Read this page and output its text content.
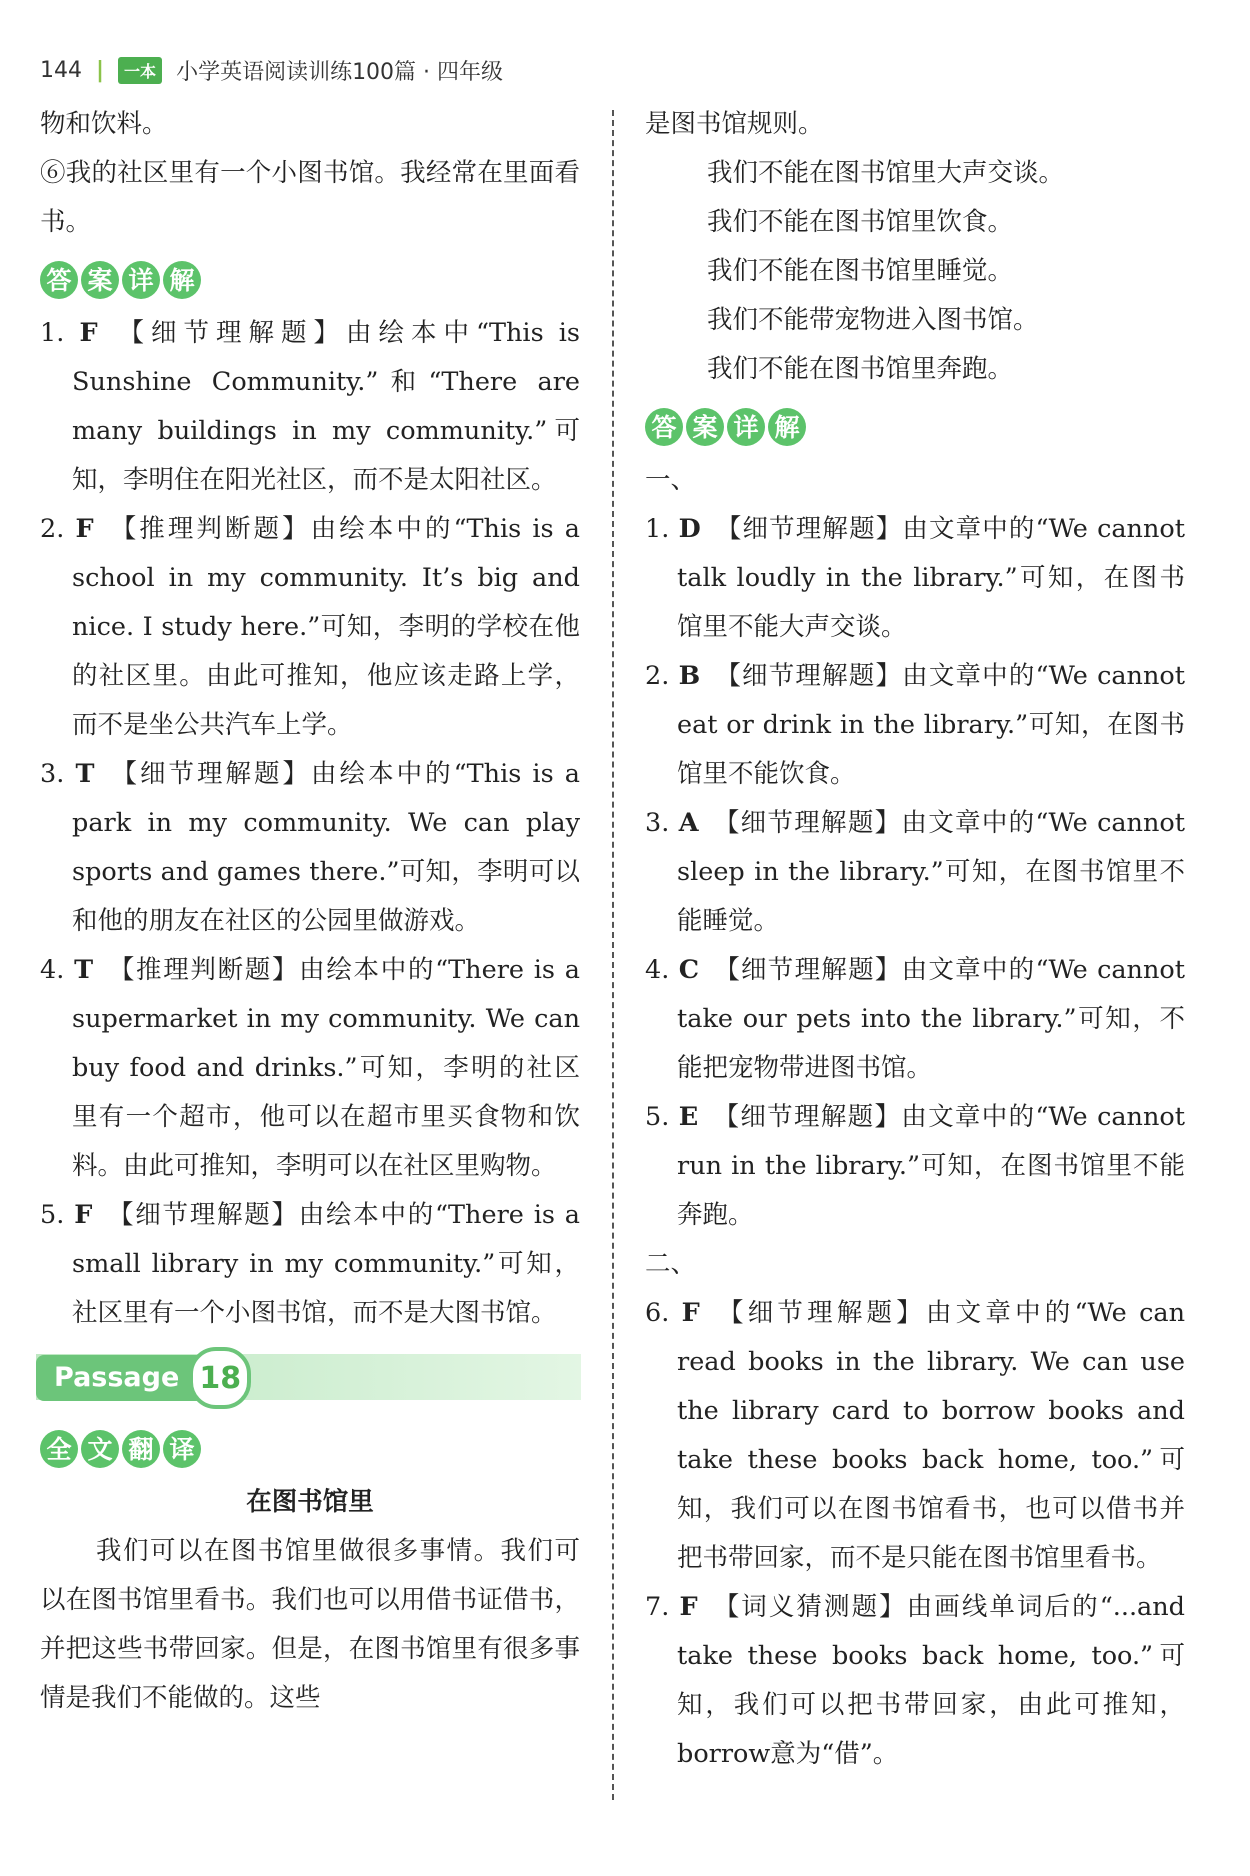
144 |	一本 小学英语阅读训练100篇 · 四年级

物和饮料。

⑥我的社区里有一个小图书馆。我经常在里面看书。

答 案 详 解

1. F 【细节理解题】由绘本中“This is Sunshine Community.”和“There are many buildings in my community.”可知，李明住在阳光社区，而不是太阳社区。

2. F 【推理判断题】由绘本中的“This is a school in my community. It’s big and nice. I study here.”可知，李明的学校在他的社区里。由此可推知，他应该走路上学，而不是坐公共汽车上学。

3. T 【细节理解题】由绘本中的“This is a park in my community. We can play sports and games there.”可知，李明可以和他的朋友在社区的公园里做游戏。

4. T 【推理判断题】由绘本中的“There is a supermarket in my community. We can buy food and drinks.”可知，李明的社区里有一个超市，他可以在超市里买食物和饮料。由此可推知，李明可以在社区里购物。

5. F 【细节理解题】由绘本中的“There is a small library in my community.”可知，社区里有一个小图书馆，而不是大图书馆。

Passage 18
全 文 翻 译

在图书馆里

我们可以在图书馆里做很多事情。我们可以在图书馆里看书。我们也可以用借书证借书，并把这些书带回家。但是，在图书馆里有很多事情是我们不能做的。这些

是图书馆规则。

我们不能在图书馆里大声交谈。

我们不能在图书馆里饮食。

我们不能在图书馆里睡觉。

我们不能带宠物进入图书馆。

我们不能在图书馆里奔跑。

答 案 详 解

一、

1. D 【细节理解题】由文章中的“We cannot talk loudly in the library.”可知，在图书馆里不能大声交谈。

2. B 【细节理解题】由文章中的“We cannot eat or drink in the library.”可知，在图书馆里不能饮食。

3. A 【细节理解题】由文章中的“We cannot sleep in the library.”可知，在图书馆里不能睡觉。

4. C 【细节理解题】由文章中的“We cannot take our pets into the library.”可知，不能把宠物带进图书馆。

5. E 【细节理解题】由文章中的“We cannot run in the library.”可知，在图书馆里不能奔跑。

二、

6. F 【细节理解题】由文章中的“We can read books in the library. We can use the library card to borrow books and take these books back home, too.”可知，我们可以在图书馆看书，也可以借书并把书带回家，而不是只能在图书馆里看书。

7. F 【词义猜测题】由画线单词后的“...and take these books back home, too.”可知，我们可以把书带回家，由此可推知，borrow意为“借”。
